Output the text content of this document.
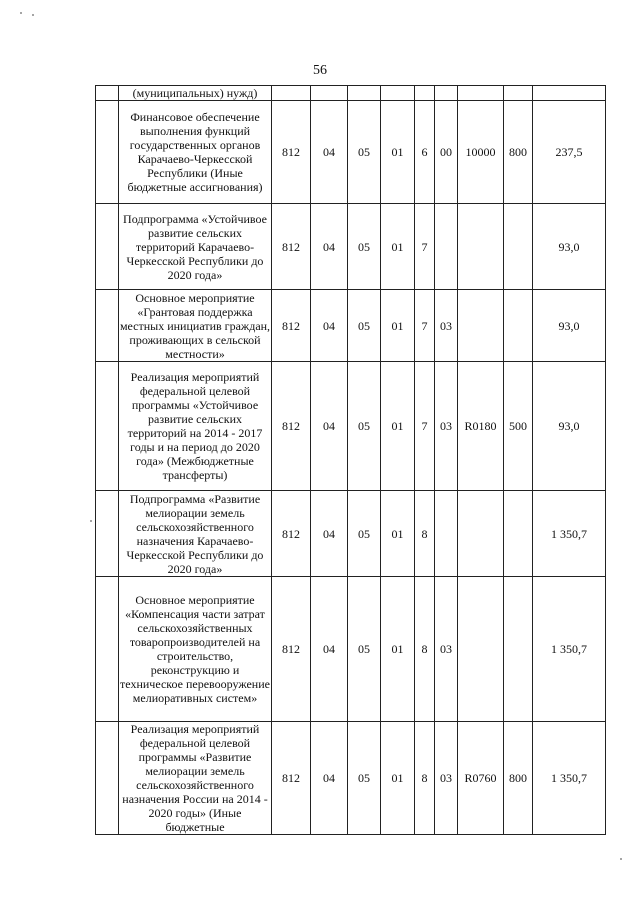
56
	(муниципальных) нужд)									
	Финансовое обеспечение выполнения функций государственных органов Карачаево-Черкесской Республики (Иные бюджетные ассигнования)	812	04	05	01	6	00	10000	800	237,5
	Подпрограмма «Устойчивое развитие сельских территорий Карачаево-Черкесской Республики до 2020 года»	812	04	05	01	7				93,0
	Основное мероприятие «Грантовая поддержка местных инициатив граждан, проживающих в сельской местности»	812	04	05	01	7	03			93,0
	Реализация мероприятий федеральной целевой программы «Устойчивое развитие сельских территорий на 2014 - 2017 годы и на период до 2020 года» (Межбюджетные трансферты)	812	04	05	01	7	03	R0180	500	93,0
	Подпрограмма «Развитие мелиорации земель сельскохозяйственного назначения Карачаево-Черкесской Республики до 2020 года»	812	04	05	01	8				1 350,7
	Основное мероприятие «Компенсация части затрат сельскохозяйственных товаропроизводителей на строительство, реконструкцию и техническое перевооружение мелиоративных систем»	812	04	05	01	8	03			1 350,7
	Реализация мероприятий федеральной целевой программы «Развитие мелиорации земель сельскохозяйственного назначения России на 2014 - 2020 годы» (Иные бюджетные	812	04	05	01	8	03	R0760	800	1 350,7
